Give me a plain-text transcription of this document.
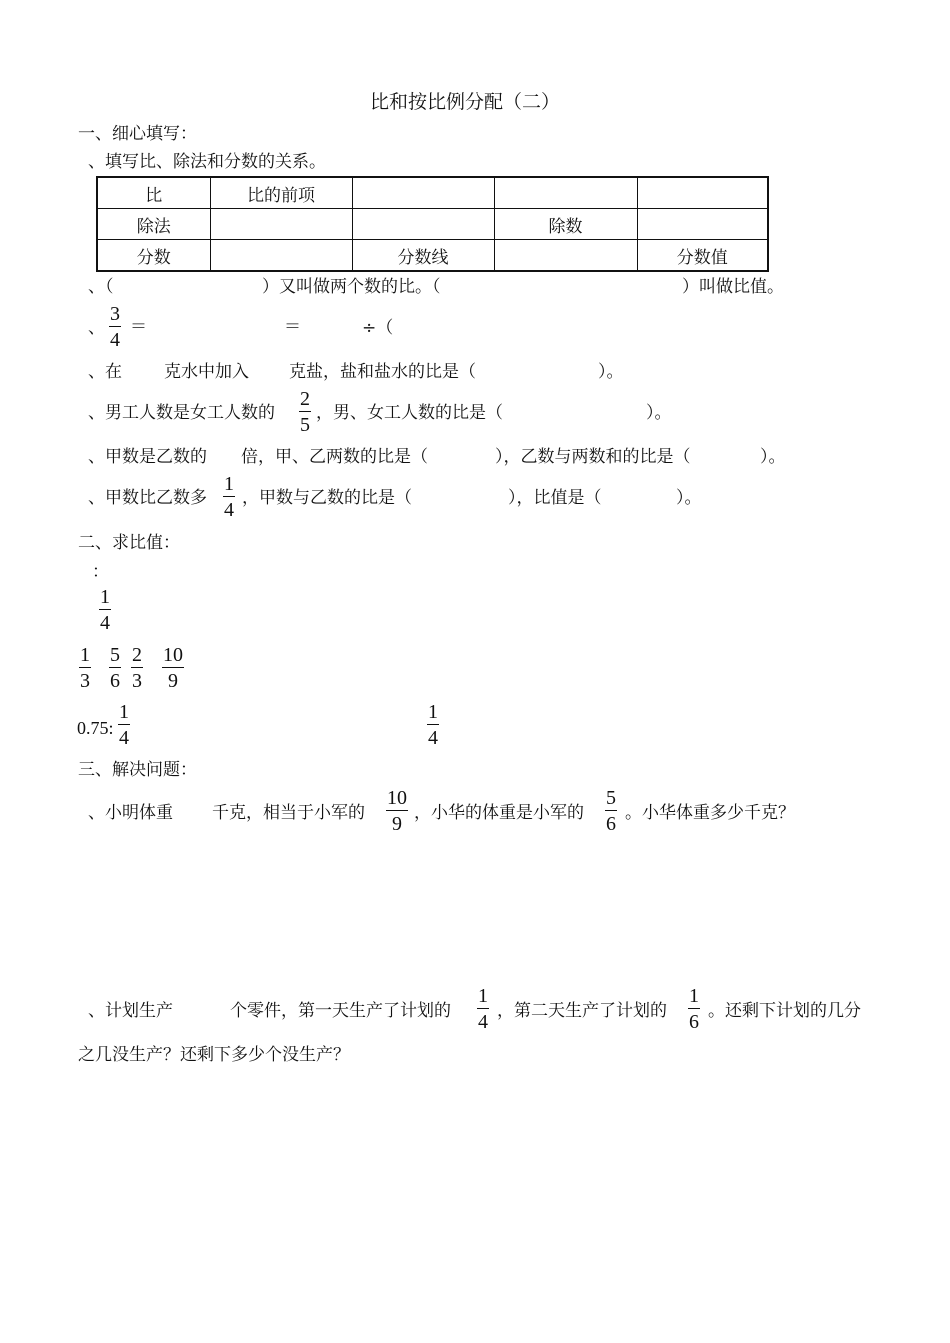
比和按比例分配（二）
一、细心填写：
、填写比、除法和分数的关系。
比	比的前项			
除法			除数	
分数		分数线		分数值
、（	）又叫做两个数的比。（	）叫做比值。
、
3
4
＝	＝	÷（
、在 克水中加入 克盐，盐和盐水的比是（	）。
、男工人数是女工人数的
2
5
，男、女工人数的比是（	）。
、甲数是乙数的 倍，甲、乙两数的比是（	），乙数与两数和的比是（	）。
、甲数比乙数多
1
4
，甲数与乙数的比是（	），比值是（	）。
二、求比值：
：
1
4
1
3
5
6
2
3
10
9
0.75:
1
4
1
4
三、解决问题：
、小明体重 千克，相当于小军的
10
9
，小华的体重是小军的
5
6
。小华体重多少千克？
、计划生产	个零件，第一天生产了计划的
1
4
，第二天生产了计划的
1
6
。还剩下计划的几分
之几没生产？还剩下多少个没生产？
